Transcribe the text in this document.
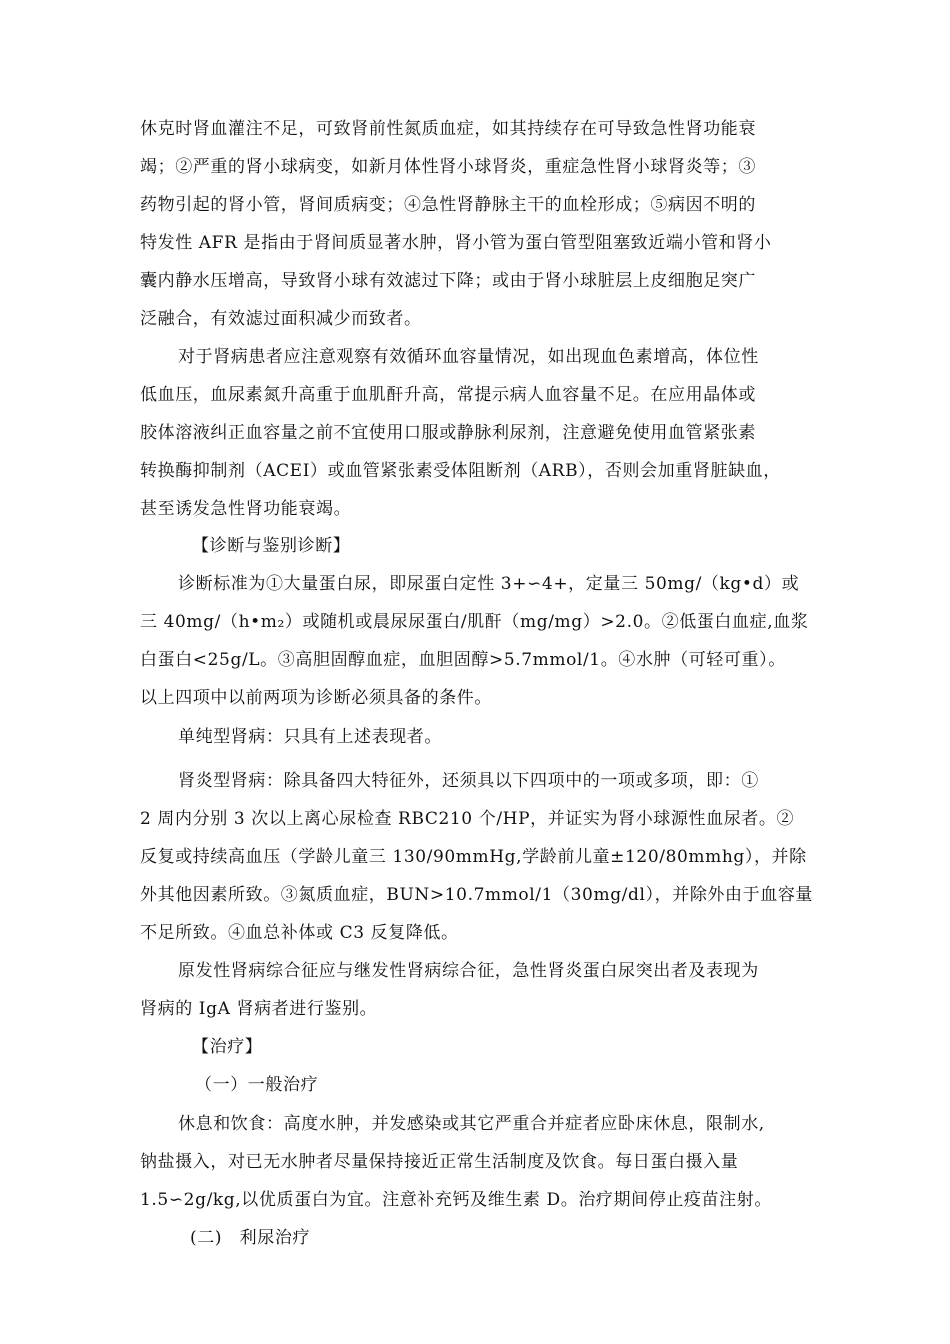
休克时肾血灌注不足，可致肾前性氮质血症，如其持续存在可导致急性肾功能衰
竭；②严重的肾小球病变，如新月体性肾小球肾炎，重症急性肾小球肾炎等；③
药物引起的肾小管，肾间质病变；④急性肾静脉主干的血栓形成；⑤病因不明的
特发性 AFR 是指由于肾间质显著水肿，肾小管为蛋白管型阻塞致近端小管和肾小
囊内静水压增高，导致肾小球有效滤过下降；或由于肾小球脏层上皮细胞足突广
泛融合，有效滤过面积减少而致者。
对于肾病患者应注意观察有效循环血容量情况，如出现血色素增高，体位性
低血压，血尿素氮升高重于血肌酐升高，常提示病人血容量不足。在应用晶体或
胶体溶液纠正血容量之前不宜使用口服或静脉利尿剂，注意避免使用血管紧张素
转换酶抑制剂（ACEI）或血管紧张素受体阻断剂（ARB），否则会加重肾脏缺血，
甚至诱发急性肾功能衰竭。
【诊断与鉴别诊断】
诊断标准为①大量蛋白尿，即尿蛋白定性 3+∽4+，定量三 50mg/（kg•d）或
三 40mg/（h•m₂）或随机或晨尿尿蛋白/肌酐（mg/mg）>2.0。②低蛋白血症,血浆
白蛋白<25g/L。③高胆固醇血症，血胆固醇>5.7mmol/1。④水肿（可轻可重）。
以上四项中以前两项为诊断必须具备的条件。
单纯型肾病：只具有上述表现者。
肾炎型肾病：除具备四大特征外，还须具以下四项中的一项或多项，即：①
2 周内分别 3 次以上离心尿检查 RBC210 个/HP，并证实为肾小球源性血尿者。②
反复或持续高血压（学龄儿童三 130/90mmHg,学龄前儿童±120/80mmhg），并除
外其他因素所致。③氮质血症，BUN>10.7mmol/1（30mg/dl），并除外由于血容量
不足所致。④血总补体或 C3 反复降低。
原发性肾病综合征应与继发性肾病综合征，急性肾炎蛋白尿突出者及表现为
肾病的 IgA 肾病者进行鉴别。
【治疗】
（一）一般治疗
休息和饮食：高度水肿，并发感染或其它严重合并症者应卧床休息，限制水,
钠盐摄入，对已无水肿者尽量保持接近正常生活制度及饮食。每日蛋白摄入量
1.5∽2g/kg,以优质蛋白为宜。注意补充钙及维生素 D。治疗期间停止疫苗注射。
(二)　利尿治疗
